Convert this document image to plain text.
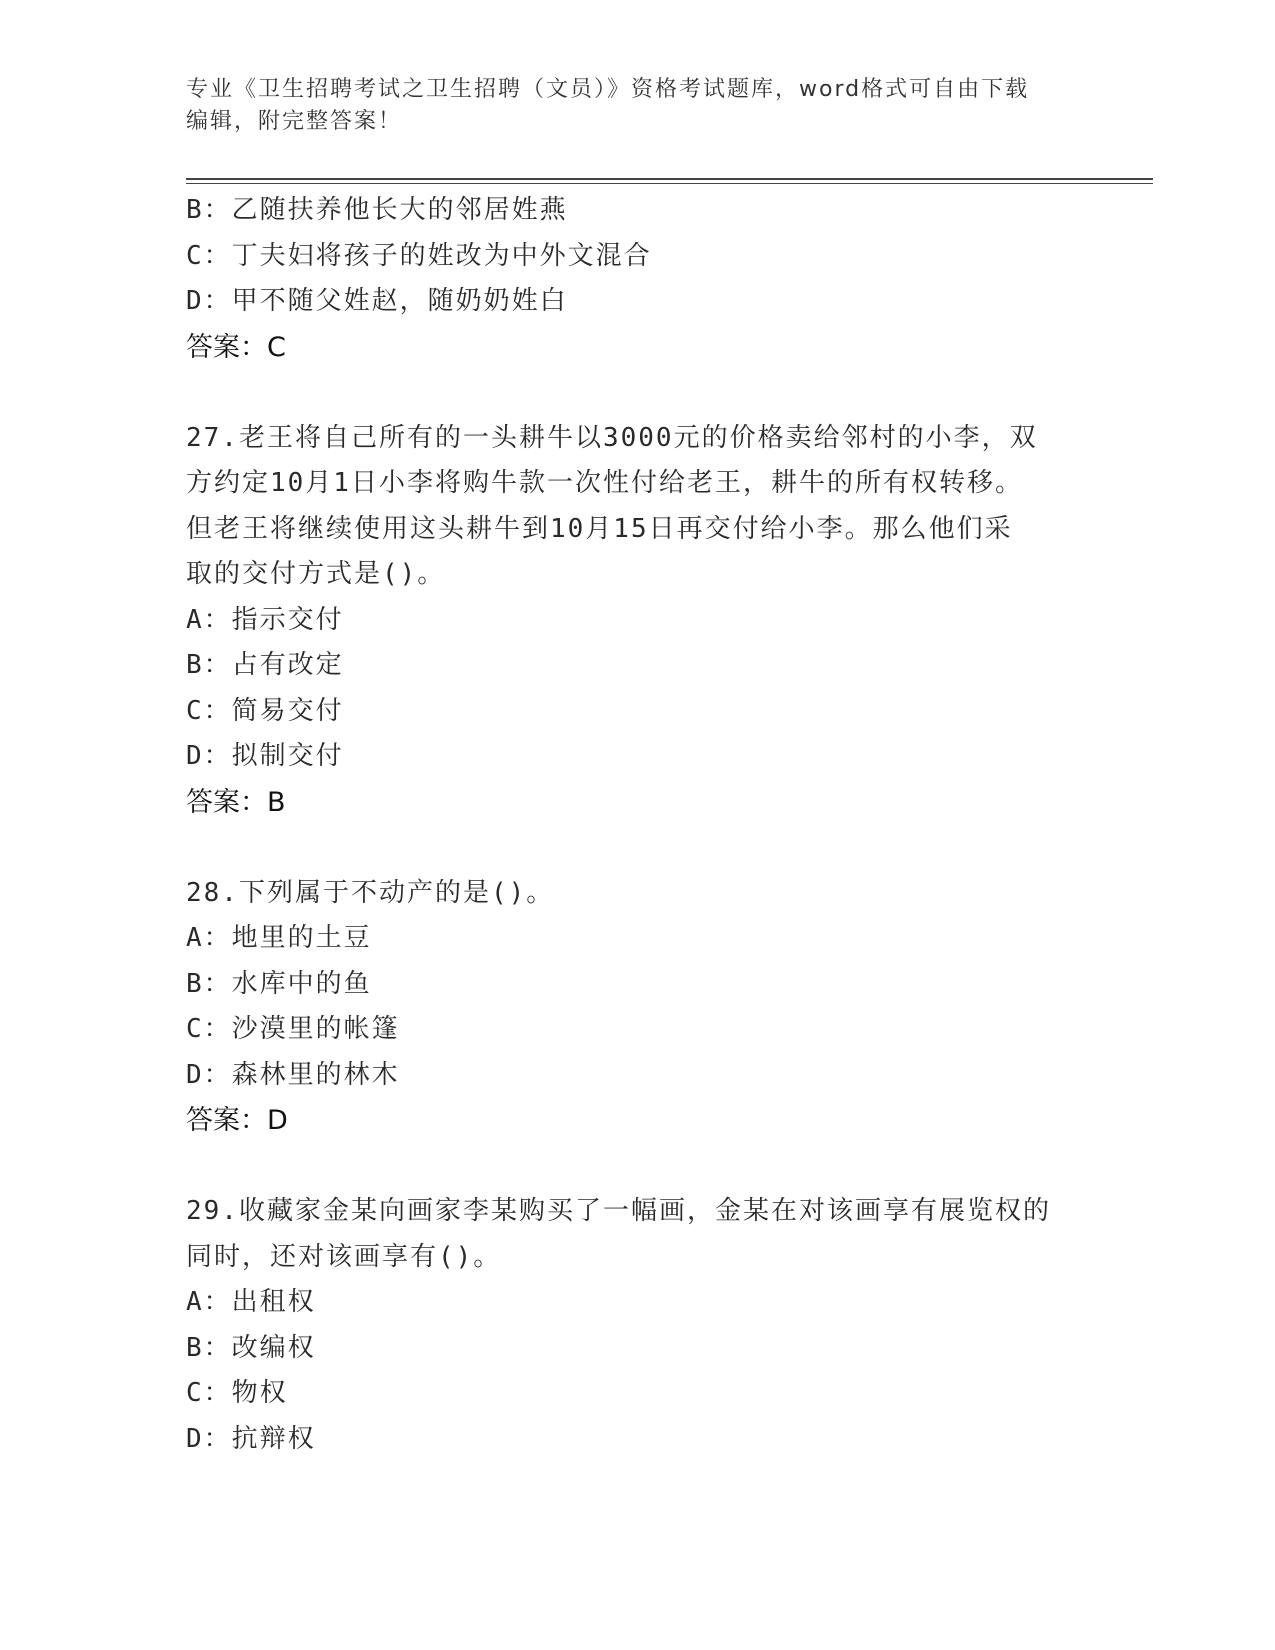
专业《卫生招聘考试之卫生招聘（文员）》资格考试题库，word格式可自由下载
编辑，附完整答案！
B：乙随扶养他长大的邻居姓燕
C：丁夫妇将孩子的姓改为中外文混合
D：甲不随父姓赵，随奶奶姓白
答案：C
27.老王将自己所有的一头耕牛以3000元的价格卖给邻村的小李，双
方约定10月1日小李将购牛款一次性付给老王，耕牛的所有权转移。
但老王将继续使用这头耕牛到10月15日再交付给小李。那么他们采
取的交付方式是()。
A：指示交付
B：占有改定
C：简易交付
D：拟制交付
答案：B
28.下列属于不动产的是()。
A：地里的土豆
B：水库中的鱼
C：沙漠里的帐篷
D：森林里的林木
答案：D
29.收藏家金某向画家李某购买了一幅画，金某在对该画享有展览权的
同时，还对该画享有()。
A：出租权
B：改编权
C：物权
D：抗辩权
